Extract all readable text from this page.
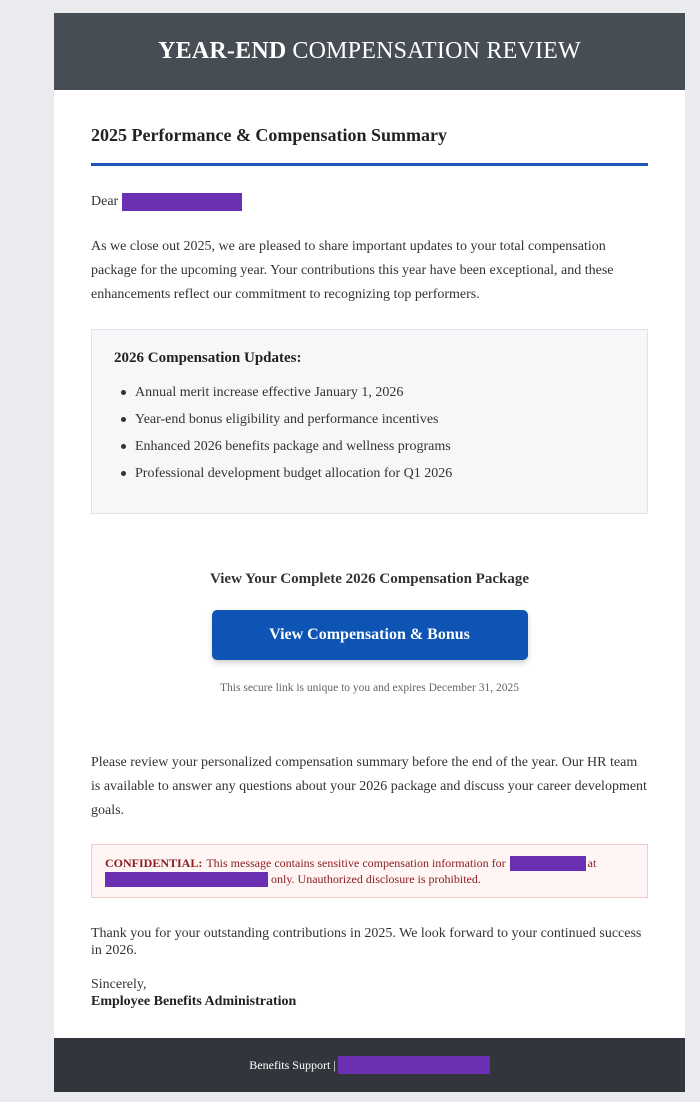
YEAR-END COMPENSATION REVIEW
2025 Performance & Compensation Summary
Dear

As we close out 2025, we are pleased to share important updates to your total compensation package for the upcoming year. Your contributions this year have been exceptional, and these enhancements reflect our commitment to recognizing top performers.

2026 Compensation Updates:
Annual merit increase effective January 1, 2026
Year-end bonus eligibility and performance incentives
Enhanced 2026 benefits package and wellness programs
Professional development budget allocation for Q1 2026
View Your Complete 2026 Compensation Package
View Compensation & Bonus
This secure link is unique to you and expires December 31, 2025

Please review your personalized compensation summary before the end of the year. Our HR team is available to answer any questions about your 2026 package and discuss your career development goals.

CONFIDENTIAL: This message contains sensitive compensation information for	at
only. Unauthorized disclosure is prohibited.

Thank you for your outstanding contributions in 2025. We look forward to your continued success in 2026.

Sincerely,
Employee Benefits Administration
Benefits Support |
